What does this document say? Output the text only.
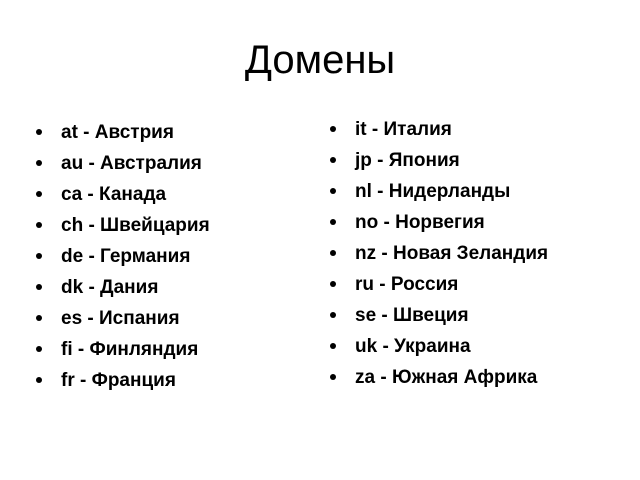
Домены
at - Австрия
au - Австралия
ca - Канада
ch - Швейцария
de - Германия
dk - Дания
es - Испания
fi - Финляндия
fr - Франция
it - Италия
jp - Япония
nl - Нидерланды
no - Норвегия
nz - Новая Зеландия
ru - Россия
se - Швеция
uk - Украина
za - Южная Африка
